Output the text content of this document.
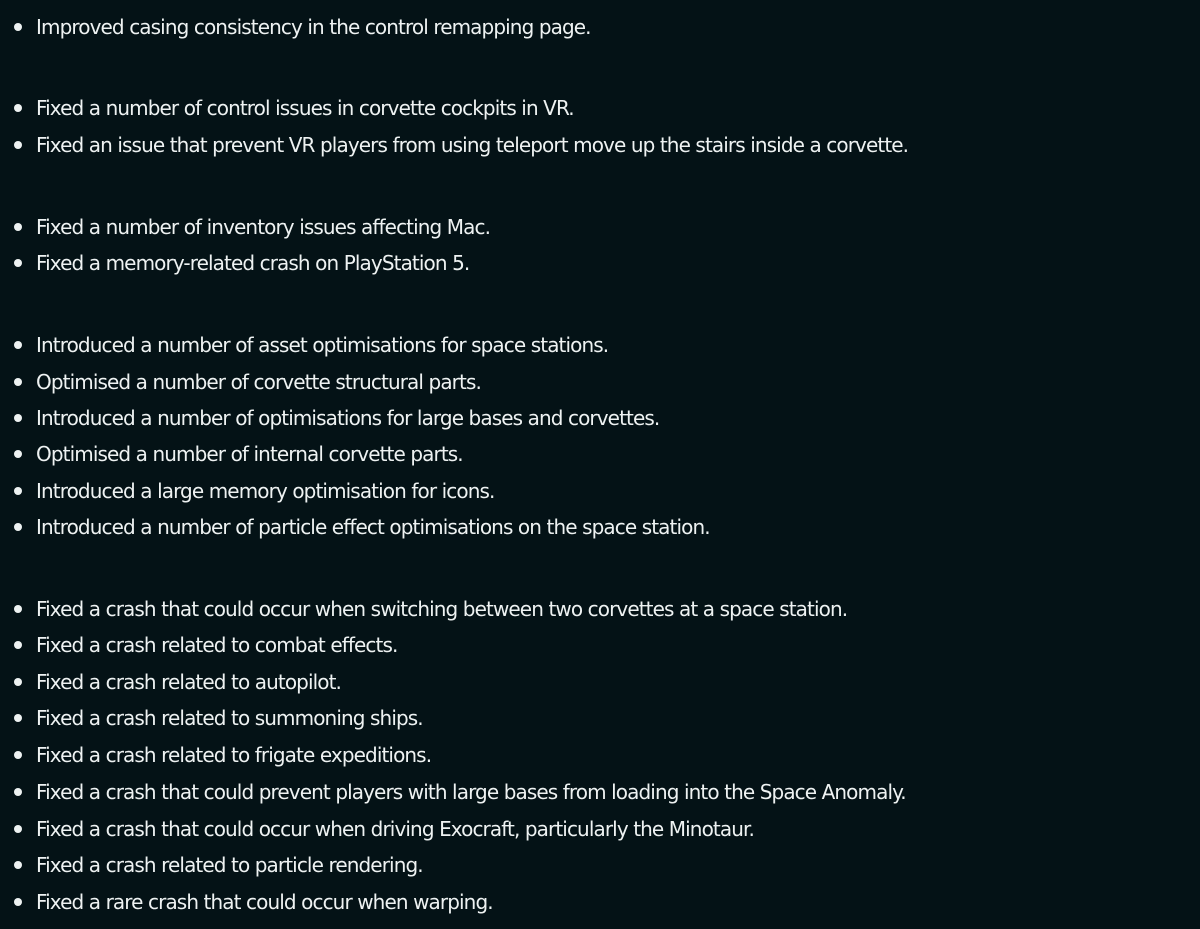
Improved casing consistency in the control remapping page.
Fixed a number of control issues in corvette cockpits in VR.
Fixed an issue that prevent VR players from using teleport move up the stairs inside a corvette.
Fixed a number of inventory issues affecting Mac.
Fixed a memory-related crash on PlayStation 5.
Introduced a number of asset optimisations for space stations.
Optimised a number of corvette structural parts.
Introduced a number of optimisations for large bases and corvettes.
Optimised a number of internal corvette parts.
Introduced a large memory optimisation for icons.
Introduced a number of particle effect optimisations on the space station.
Fixed a crash that could occur when switching between two corvettes at a space station.
Fixed a crash related to combat effects.
Fixed a crash related to autopilot.
Fixed a crash related to summoning ships.
Fixed a crash related to frigate expeditions.
Fixed a crash that could prevent players with large bases from loading into the Space Anomaly.
Fixed a crash that could occur when driving Exocraft, particularly the Minotaur.
Fixed a crash related to particle rendering.
Fixed a rare crash that could occur when warping.
